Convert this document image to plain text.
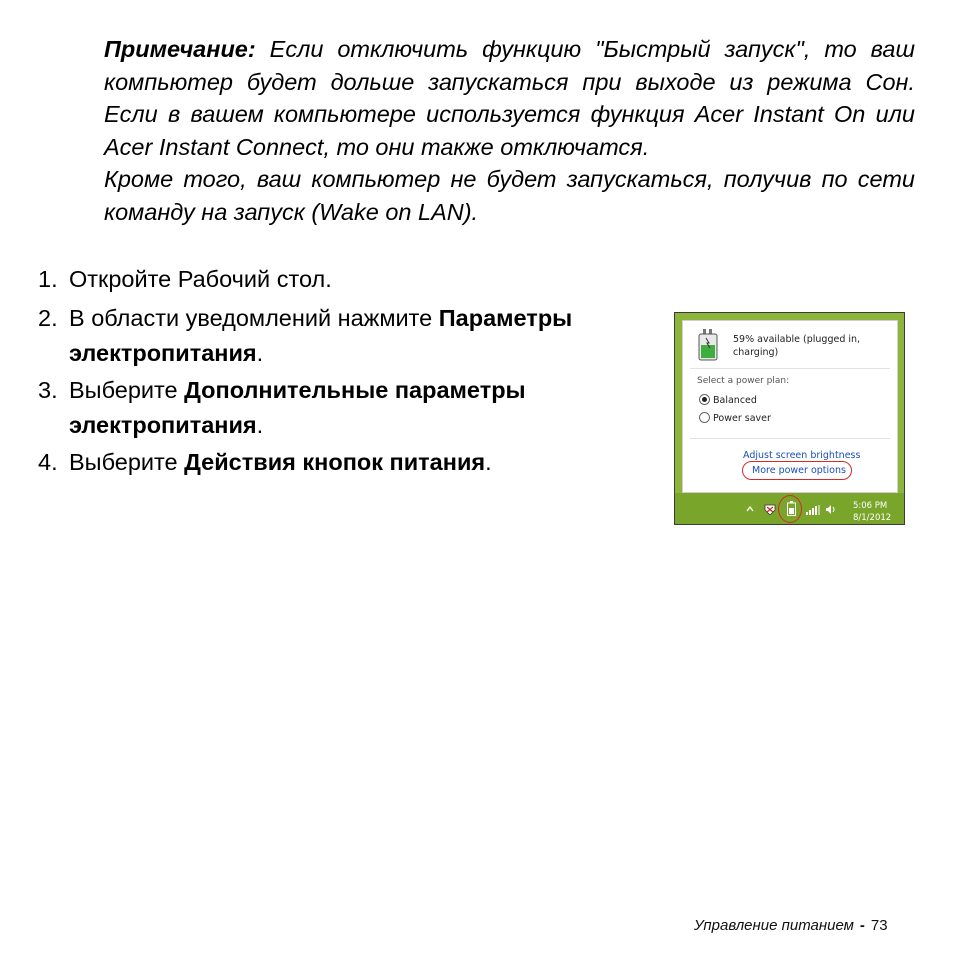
Примечание: Если отключить функцию "Быстрый запуск", то ваш компьютер будет дольше запускаться при выходе из режима Сон. Если в вашем компьютере используется функция Acer Instant On или Acer Instant Connect, то они также отключатся.

Кроме того, ваш компьютер не будет запускаться, получив по сети команду на запуск (Wake on LAN).

1. Откройте Рабочий стол.
2. В области уведомлений нажмите Параметры электропитания.
3. Выберите Дополнительные параметры электропитания.
4. Выберите Действия кнопок питания.
59% available (plugged in,
charging)
Select a power plan:
Balanced
Power saver
Adjust screen brightness
More power options
5:06 PM
8/1/2012
Управление питанием - 73
